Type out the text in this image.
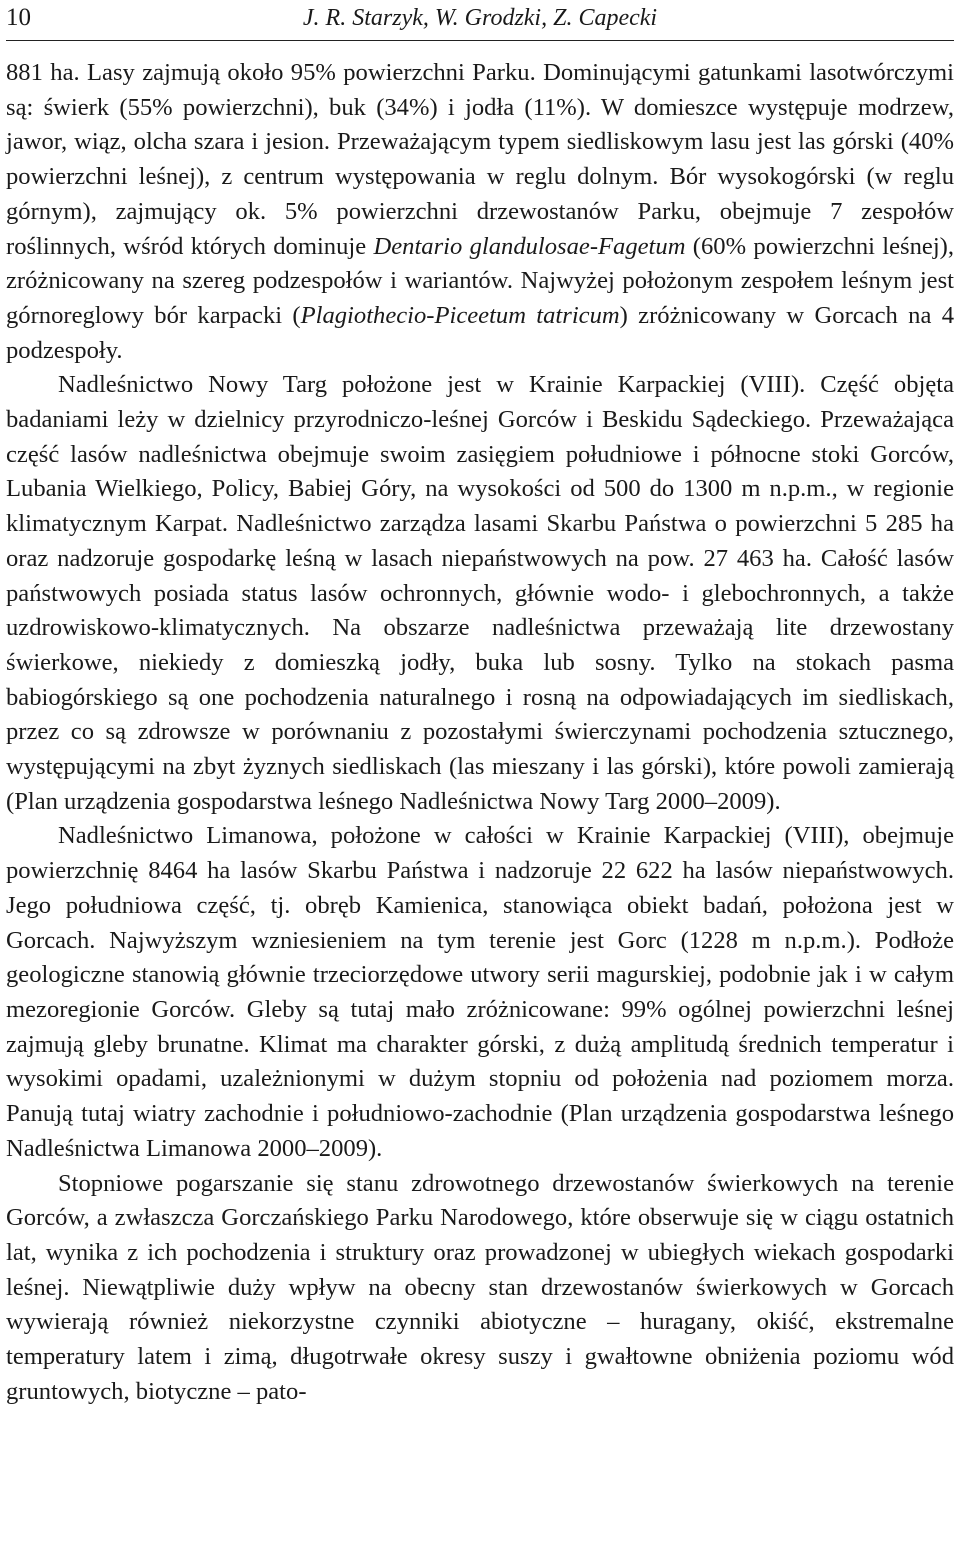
10	J. R. Starzyk, W. Grodzki, Z. Capecki

881 ha. Lasy zajmują około 95% powierzchni Parku. Dominującymi gatunkami lasotwórczymi są: świerk (55% powierzchni), buk (34%) i jodła (11%). W domieszce występuje modrzew, jawor, wiąz, olcha szara i jesion. Przeważającym typem siedliskowym lasu jest las górski (40% powierzchni leśnej), z centrum występowania w reglu dolnym. Bór wysokogórski (w reglu górnym), zajmujący ok. 5% powierzchni drzewostanów Parku, obejmuje 7 zespołów roślinnych, wśród których dominuje Dentario glandulosae-Fagetum (60% powierzchni leśnej), zróżnicowany na szereg podzespołów i wariantów. Najwyżej położonym zespołem leśnym jest górnoreglowy bór karpacki (Plagiothecio-Piceetum tatricum) zróżnicowany w Gorcach na 4 podzespoły.

Nadleśnictwo Nowy Targ położone jest w Krainie Karpackiej (VIII). Część objęta badaniami leży w dzielnicy przyrodniczo-leśnej Gorców i Beskidu Sądeckiego. Przeważająca część lasów nadleśnictwa obejmuje swoim zasięgiem południowe i północne stoki Gorców, Lubania Wielkiego, Policy, Babiej Góry, na wysokości od 500 do 1300 m n.p.m., w regionie klimatycznym Karpat. Nadleśnictwo zarządza lasami Skarbu Państwa o powierzchni 5 285 ha oraz nadzoruje gospodarkę leśną w lasach niepaństwowych na pow. 27 463 ha. Całość lasów państwowych posiada status lasów ochronnych, głównie wodo- i glebochronnych, a także uzdrowiskowo-klimatycznych. Na obszarze nadleśnictwa przeważają lite drzewostany świerkowe, niekiedy z domieszką jodły, buka lub sosny. Tylko na stokach pasma babiogórskiego są one pochodzenia naturalnego i rosną na odpowiadających im siedliskach, przez co są zdrowsze w porównaniu z pozostałymi świerczynami pochodzenia sztucznego, występującymi na zbyt żyznych siedliskach (las mieszany i las górski), które powoli zamierają (Plan urządzenia gospodarstwa leśnego Nadleśnictwa Nowy Targ 2000–2009).

Nadleśnictwo Limanowa, położone w całości w Krainie Karpackiej (VIII), obejmuje powierzchnię 8464 ha lasów Skarbu Państwa i nadzoruje 22 622 ha lasów niepaństwowych. Jego południowa część, tj. obręb Kamienica, stanowiąca obiekt badań, położona jest w Gorcach. Najwyższym wzniesieniem na tym terenie jest Gorc (1228 m n.p.m.). Podłoże geologiczne stanowią głównie trzeciorzędowe utwory serii magurskiej, podobnie jak i w całym mezoregionie Gorców. Gleby są tutaj mało zróżnicowane: 99% ogólnej powierzchni leśnej zajmują gleby brunatne. Klimat ma charakter górski, z dużą amplitudą średnich temperatur i wysokimi opadami, uzależnionymi w dużym stopniu od położenia nad poziomem morza. Panują tutaj wiatry zachodnie i południowo-zachodnie (Plan urządzenia gospodarstwa leśnego Nadleśnictwa Limanowa 2000–2009).

Stopniowe pogarszanie się stanu zdrowotnego drzewostanów świerkowych na terenie Gorców, a zwłaszcza Gorczańskiego Parku Narodowego, które obserwuje się w ciągu ostatnich lat, wynika z ich pochodzenia i struktury oraz prowadzonej w ubiegłych wiekach gospodarki leśnej. Niewątpliwie duży wpływ na obecny stan drzewostanów świerkowych w Gorcach wywierają również niekorzystne czynniki abiotyczne – huragany, okiść, ekstremalne temperatury latem i zimą, długotrwałe okresy suszy i gwałtowne obniżenia poziomu wód gruntowych, biotyczne – pato-
